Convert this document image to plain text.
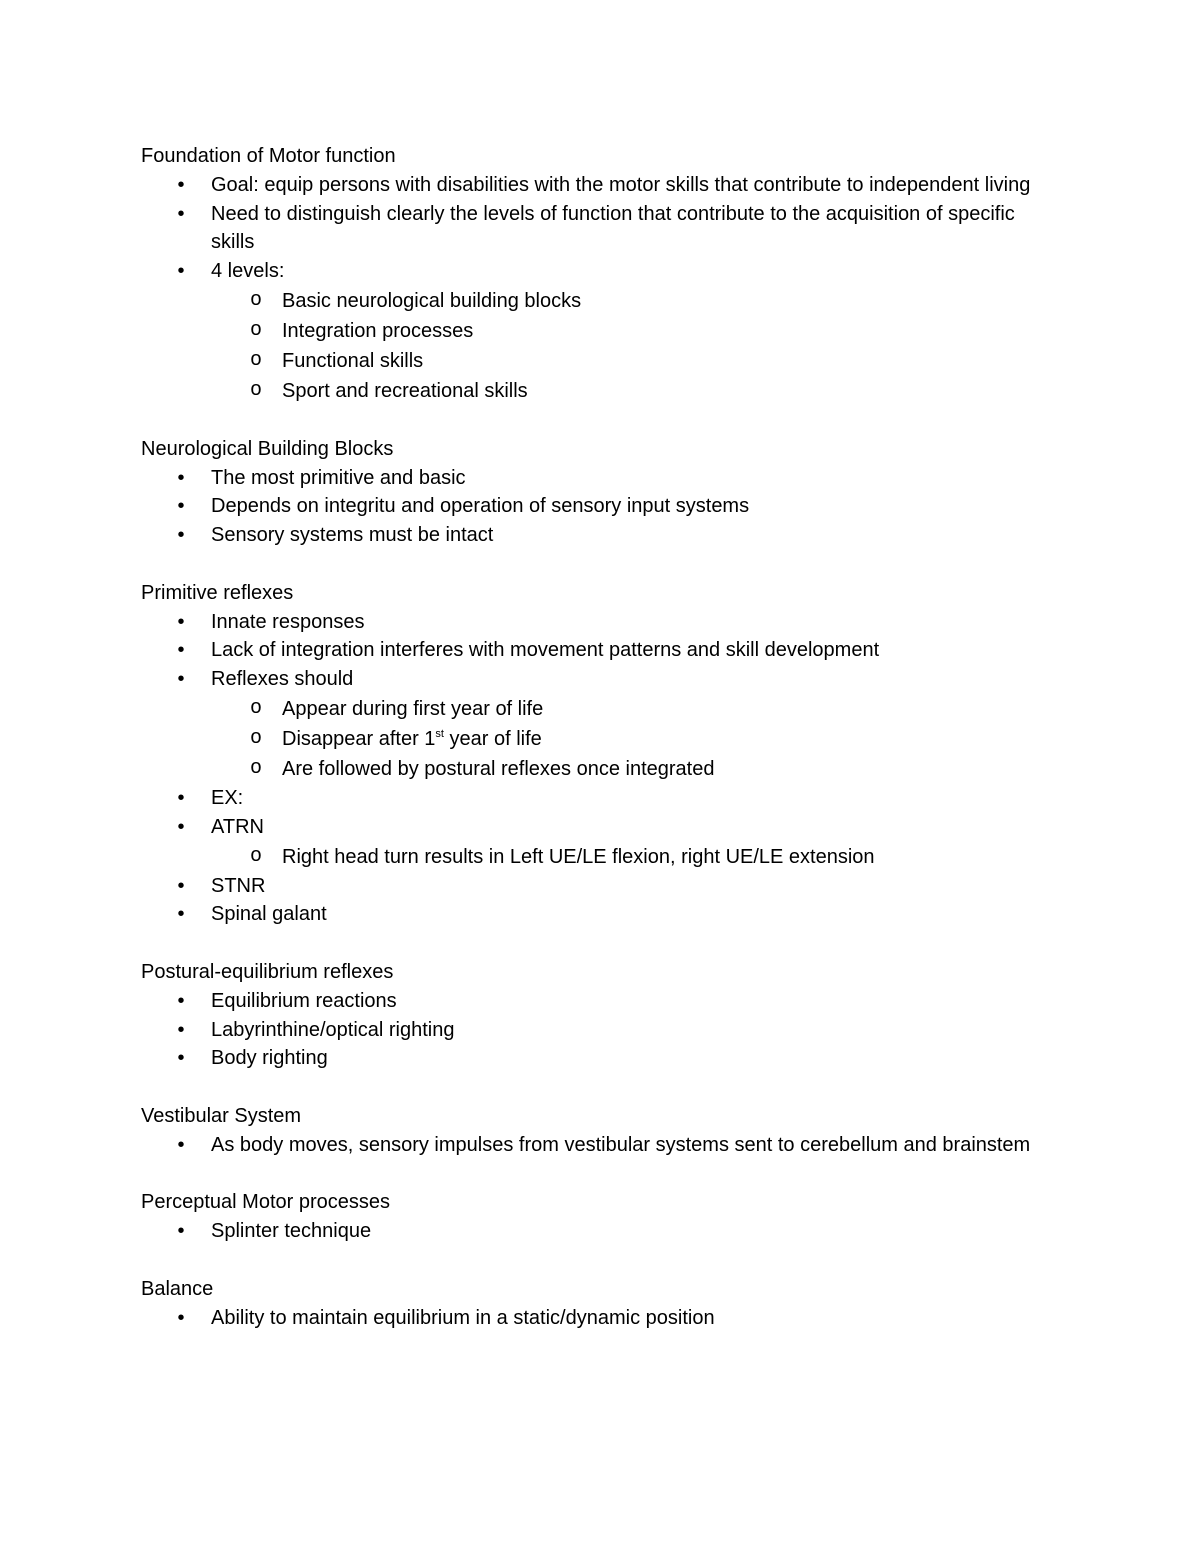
Foundation of Motor function

•	Goal: equip persons with disabilities with the motor skills that contribute to independent living
•	Need to distinguish clearly the levels of function that contribute to the acquisition of specific skills
•	4 levels:
o Basic neurological building blocks
o Integration processes
o Functional skills
o Sport and recreational skills

Neurological Building Blocks

•	The most primitive and basic
•	Depends on integritu and operation of sensory input systems
•	Sensory systems must be intact

Primitive reflexes

•	Innate responses
•	Lack of integration interferes with movement patterns and skill development
•	Reflexes should
o Appear during first year of life
o Disappear after 1st year of life
o Are followed by postural reflexes once integrated
•	EX:
•	ATRN
o Right head turn results in Left UE/LE flexion, right UE/LE extension
•	STNR
•	Spinal galant

Postural-equilibrium reflexes

•	Equilibrium reactions
•	Labyrinthine/optical righting
•	Body righting

Vestibular System

•	As body moves, sensory impulses from vestibular systems sent to cerebellum and brainstem

Perceptual Motor processes

•	Splinter technique

Balance

•	Ability to maintain equilibrium in a static/dynamic position
